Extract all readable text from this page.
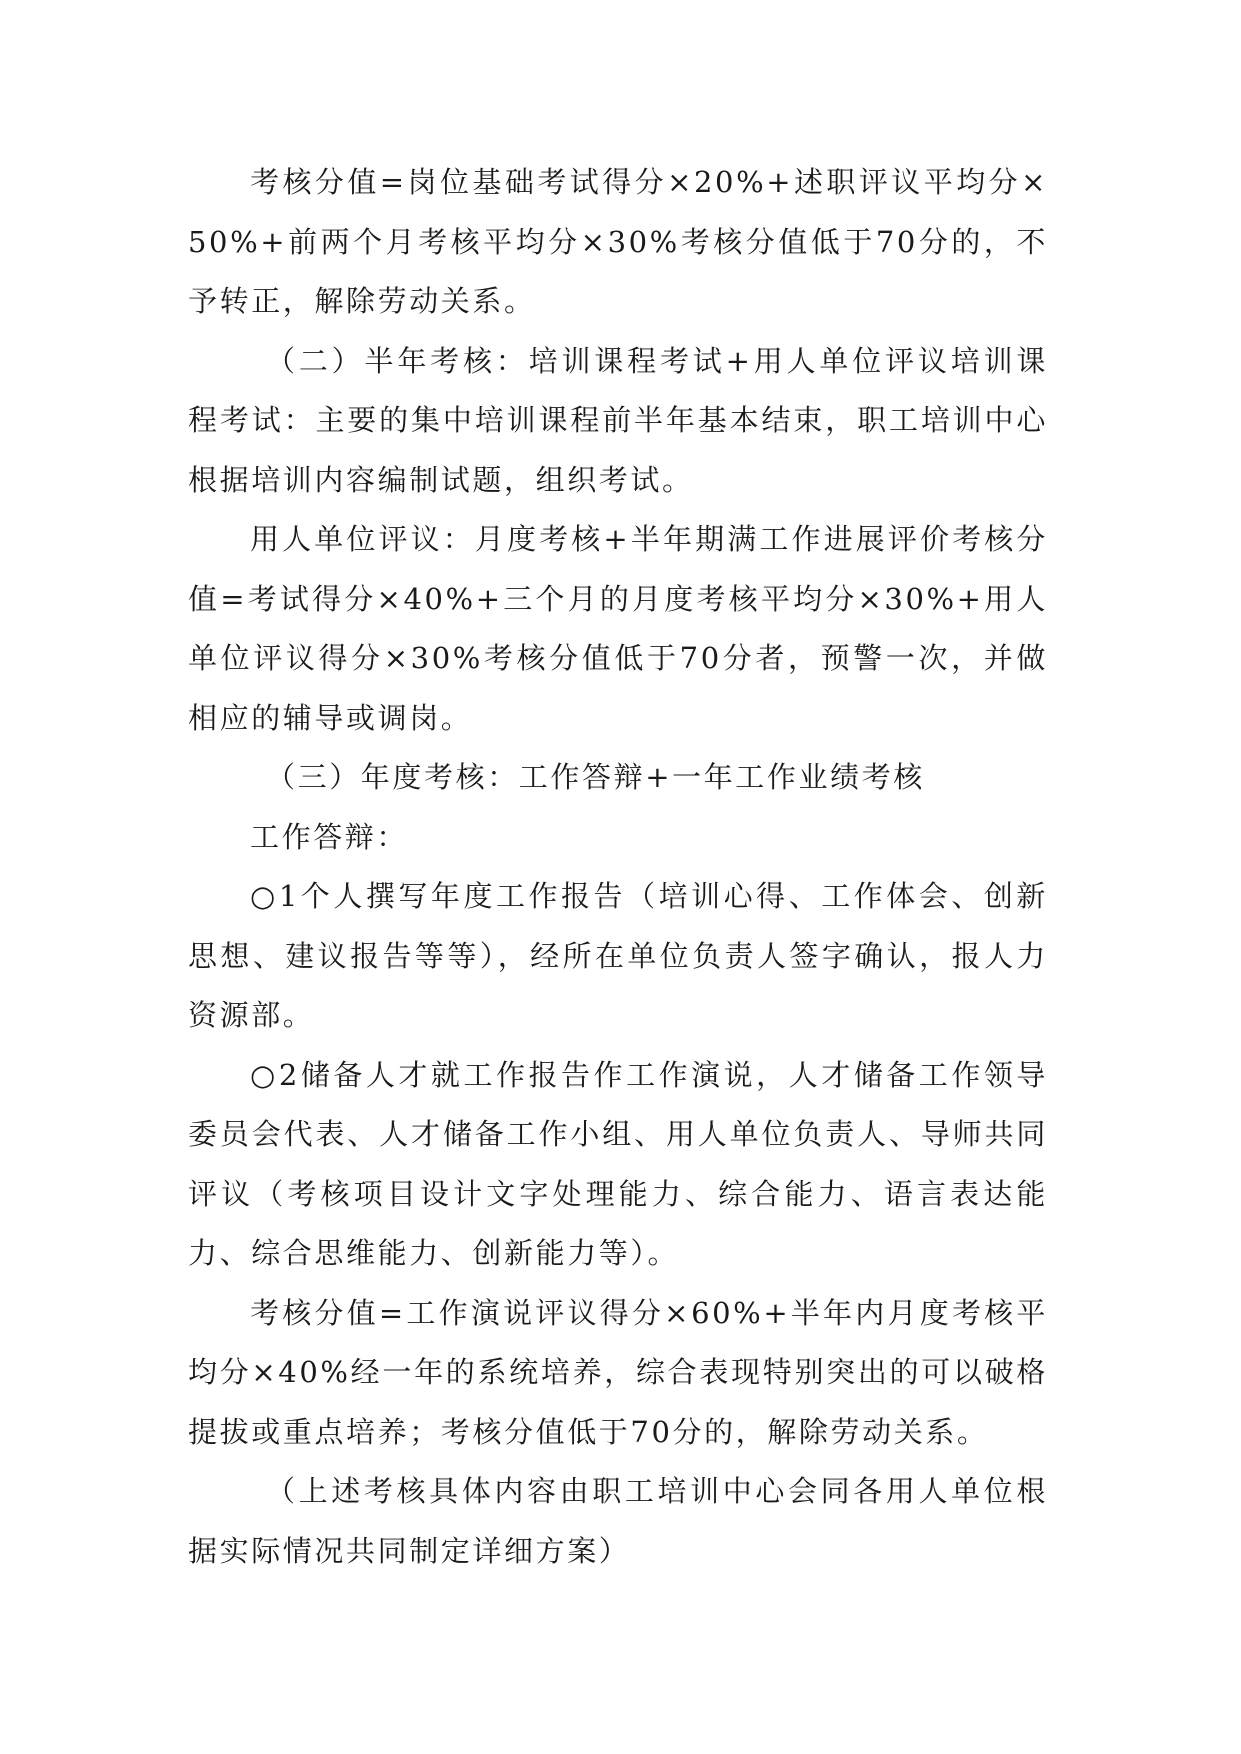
考核分值=岗位基础考试得分×20%+述职评议平均分×50%+前两个月考核平均分×30%考核分值低于70分的，不予转正，解除劳动关系。

（二）半年考核：培训课程考试+用人单位评议培训课程考试：主要的集中培训课程前半年基本结束，职工培训中心根据培训内容编制试题，组织考试。

用人单位评议：月度考核+半年期满工作进展评价考核分值=考试得分×40%+三个月的月度考核平均分×30%+用人单位评议得分×30%考核分值低于70分者，预警一次，并做相应的辅导或调岗。

（三）年度考核：工作答辩+一年工作业绩考核

工作答辩：

○1个人撰写年度工作报告（培训心得、工作体会、创新思想、建议报告等等），经所在单位负责人签字确认，报人力资源部。

○2储备人才就工作报告作工作演说，人才储备工作领导委员会代表、人才储备工作小组、用人单位负责人、导师共同评议（考核项目设计文字处理能力、综合能力、语言表达能力、综合思维能力、创新能力等）。

考核分值=工作演说评议得分×60%+半年内月度考核平均分×40%经一年的系统培养，综合表现特别突出的可以破格提拔或重点培养；考核分值低于70分的，解除劳动关系。

（上述考核具体内容由职工培训中心会同各用人单位根据实际情况共同制定详细方案）
